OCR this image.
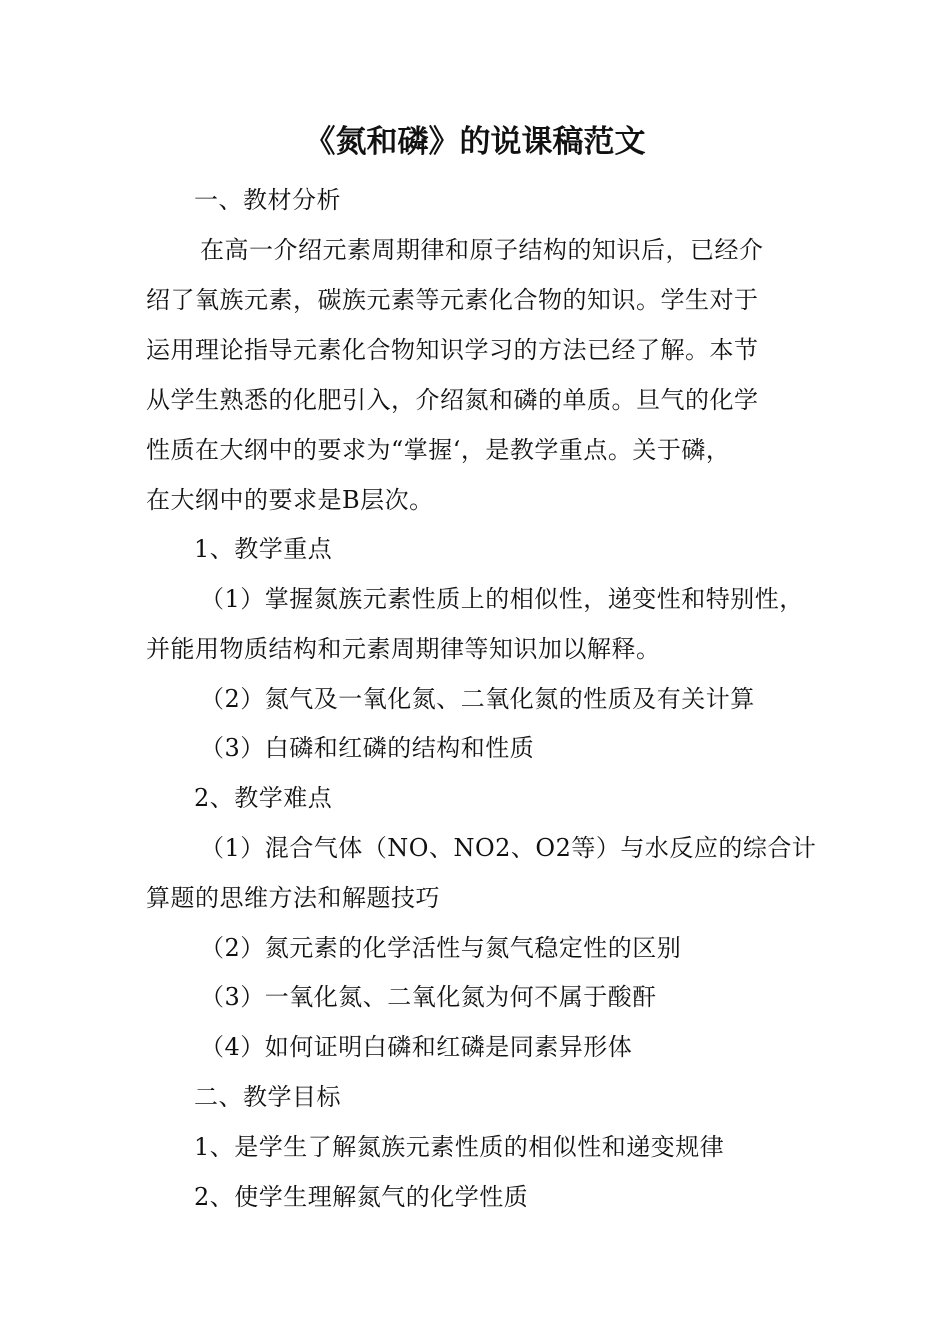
《氮和磷》的说课稿范文
一、教材分析
在高一介绍元素周期律和原子结构的知识后，已经介
绍了氧族元素，碳族元素等元素化合物的知识。学生对于
运用理论指导元素化合物知识学习的方法已经了解。本节
从学生熟悉的化肥引入，介绍氮和磷的单质。旦气的化学
性质在大纲中的要求为“掌握‘，是教学重点。关于磷，
在大纲中的要求是B层次。
1、教学重点
（1）掌握氮族元素性质上的相似性，递变性和特别性，
并能用物质结构和元素周期律等知识加以解释。
（2）氮气及一氧化氮、二氧化氮的性质及有关计算
（3）白磷和红磷的结构和性质
2、教学难点
（1）混合气体（NO、NO2、O2等）与水反应的综合计
算题的思维方法和解题技巧
（2）氮元素的化学活性与氮气稳定性的区别
（3）一氧化氮、二氧化氮为何不属于酸酐
（4）如何证明白磷和红磷是同素异形体
二、教学目标
1、是学生了解氮族元素性质的相似性和递变规律
2、使学生理解氮气的化学性质
